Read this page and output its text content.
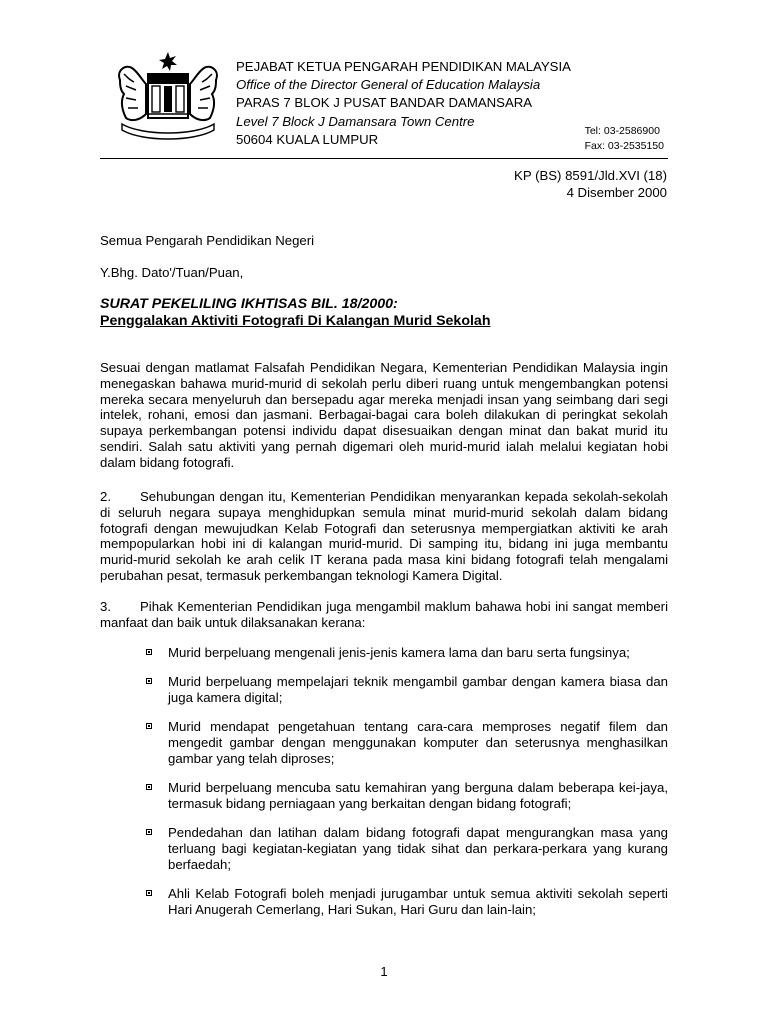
PEJABAT KETUA PENGARAH PENDIDIKAN MALAYSIA
Office of the Director General of Education Malaysia
PARAS 7 BLOK J PUSAT BANDAR DAMANSARA
Level 7 Block J Damansara Town Centre
50604 KUALA LUMPUR
Tel: 03-2586900
Fax: 03-2535150
KP (BS) 8591/Jld.XVI (18)
4 Disember 2000
Semua Pengarah Pendidikan Negeri
Y.Bhg. Dato'/Tuan/Puan,
SURAT PEKELILING IKHTISAS BIL. 18/2000:
Penggalakan Aktiviti Fotografi Di Kalangan Murid Sekolah
Sesuai dengan matlamat Falsafah Pendidikan Negara, Kementerian Pendidikan Malaysia ingin menegaskan bahawa murid-murid di sekolah perlu diberi ruang untuk mengembangkan potensi mereka secara menyeluruh dan bersepadu agar mereka menjadi insan yang seimbang dari segi intelek, rohani, emosi dan jasmani. Berbagai-bagai cara boleh dilakukan di peringkat sekolah supaya perkembangan potensi individu dapat disesuaikan dengan minat dan bakat murid itu sendiri. Salah satu aktiviti yang pernah digemari oleh murid-murid ialah melalui kegiatan hobi dalam bidang fotografi.
2. Sehubungan dengan itu, Kementerian Pendidikan menyarankan kepada sekolah-sekolah di seluruh negara supaya menghidupkan semula minat murid-murid sekolah dalam bidang fotografi dengan mewujudkan Kelab Fotografi dan seterusnya mempergiatkan aktiviti ke arah mempopularkan hobi ini di kalangan murid-murid. Di samping itu, bidang ini juga membantu murid-murid sekolah ke arah celik IT kerana pada masa kini bidang fotografi telah mengalami perubahan pesat, termasuk perkembangan teknologi Kamera Digital.
3. Pihak Kementerian Pendidikan juga mengambil maklum bahawa hobi ini sangat memberi manfaat dan baik untuk dilaksanakan kerana:
Murid berpeluang mengenali jenis-jenis kamera lama dan baru serta fungsinya;
Murid berpeluang mempelajari teknik mengambil gambar dengan kamera biasa dan juga kamera digital;
Murid mendapat pengetahuan tentang cara-cara memproses negatif filem dan mengedit gambar dengan menggunakan komputer dan seterusnya menghasilkan gambar yang telah diproses;
Murid berpeluang mencuba satu kemahiran yang berguna dalam beberapa kei-jaya, termasuk bidang perniagaan yang berkaitan dengan bidang fotografi;
Pendedahan dan latihan dalam bidang fotografi dapat mengurangkan masa yang terluang bagi kegiatan-kegiatan yang tidak sihat dan perkara-perkara yang kurang berfaedah;
Ahli Kelab Fotografi boleh menjadi jurugambar untuk semua aktiviti sekolah seperti Hari Anugerah Cemerlang, Hari Sukan, Hari Guru dan lain-lain;
1
